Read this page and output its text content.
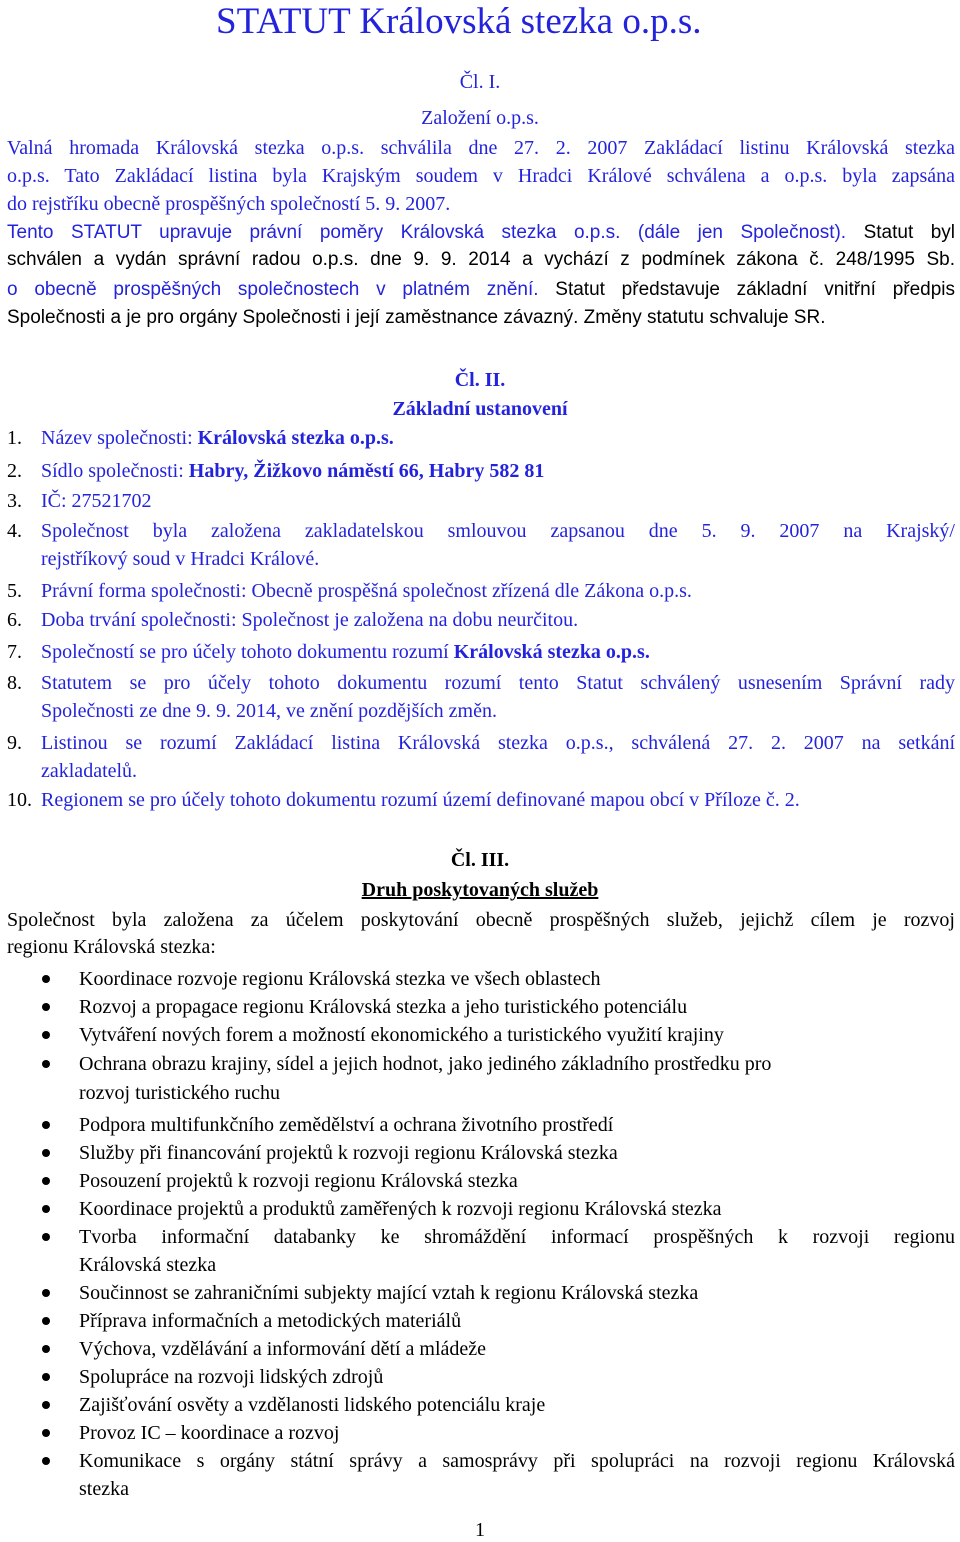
STATUT Královská stezka o.p.s.
Čl. I.
Založení o.p.s.
Valná hromada Královská stezka o.p.s. schválila dne 27. 2. 2007 Zakládací listinu Královská stezka
o.p.s. Tato Zakládací listina byla Krajským soudem v Hradci Králové schválena a o.p.s. byla zapsána
do rejstříku obecně prospěšných společností 5. 9. 2007.
Tento STATUT upravuje právní poměry Královská stezka o.p.s. (dále jen Společnost). Statut byl
schválen a vydán správní radou o.p.s. dne 9. 9. 2014 a vychází z podmínek zákona č. 248/1995 Sb.
o obecně prospěšných společnostech v platném znění. Statut představuje základní vnitřní předpis
Společnosti a je pro orgány Společnosti i její zaměstnance závazný. Změny statutu schvaluje SR.
Čl. II.
Základní ustanovení
1. Název společnosti: Královská stezka o.p.s.
2. Sídlo společnosti: Habry, Žižkovo náměstí 66, Habry 582 81
3. IČ: 27521702
4. Společnost byla založena zakladatelskou smlouvou zapsanou dne 5. 9. 2007 na Krajský/
rejstříkový soud v Hradci Králové.
5. Právní forma společnosti: Obecně prospěšná společnost zřízená dle Zákona o.p.s.
6. Doba trvání společnosti: Společnost je založena na dobu neurčitou.
7. Společností se pro účely tohoto dokumentu rozumí Královská stezka o.p.s.
8. Statutem se pro účely tohoto dokumentu rozumí tento Statut schválený usnesením Správní rady
Společnosti ze dne 9. 9. 2014, ve znění pozdějších změn.
9. Listinou se rozumí Zakládací listina Královská stezka o.p.s., schválená 27. 2. 2007 na setkání
zakladatelů.
10. Regionem se pro účely tohoto dokumentu rozumí území definované mapou obcí v Příloze č. 2.
Čl. III.
Druh poskytovaných služeb
Společnost byla založena za účelem poskytování obecně prospěšných služeb, jejichž cílem je rozvoj
regionu Královská stezka:
Koordinace rozvoje regionu Královská stezka ve všech oblastech
Rozvoj a propagace regionu Královská stezka a jeho turistického potenciálu
Vytváření nových forem a možností ekonomického a turistického využití krajiny
Ochrana obrazu krajiny, sídel a jejich hodnot, jako jediného základního prostředku pro
rozvoj turistického ruchu
Podpora multifunkčního zemědělství a ochrana životního prostředí
Služby při financování projektů k rozvoji regionu Královská stezka
Posouzení projektů k rozvoji regionu Královská stezka
Koordinace projektů a produktů zaměřených k rozvoji regionu Královská stezka
Tvorba informační databanky ke shromáždění informací prospěšných k rozvoji regionu
Královská stezka
Součinnost se zahraničními subjekty mající vztah k regionu Královská stezka
Příprava informačních a metodických materiálů
Výchova, vzdělávání a informování dětí a mládeže
Spolupráce na rozvoji lidských zdrojů
Zajišťování osvěty a vzdělanosti lidského potenciálu kraje
Provoz IC – koordinace a rozvoj
Komunikace s orgány státní správy a samosprávy při spolupráci na rozvoji regionu Královská
stezka
1
